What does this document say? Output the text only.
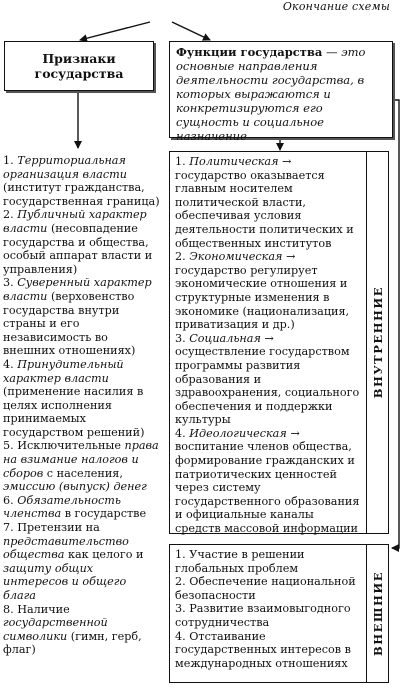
Окончание схемы
Признаки
государства
Функции государства — это основные направления деятельности государства, в которых выражаются и конкретизируются его сущность и социальное назначение
1. Территориальная организация власти (институт гражданства, государственная граница)
2. Публичный характер власти (несовпадение государства и общества, особый аппарат власти и управления)
3. Суверенный характер власти (верховенство государства внутри страны и его независимость во внешних отношениях)
4. Принудительный характер власти (применение насилия в целях исполнения принимаемых государством решений)
5. Исключительные права на взимание налогов и сборов с населения, эмиссию (выпуск) денег
6. Обязательность членства в государстве
7. Претензии на представительство общества как целого и защиту общих интересов и общего блага
8. Наличие государственной символики (гимн, герб, флаг)
1. Политическая → государство оказывается главным носителем политической власти, обеспечивая условия деятельности политических и общественных институтов
2. Экономическая → государство регулирует экономические отношения и структурные изменения в экономике (национализация, приватизация и др.)
3. Социальная → осуществление государством программы развития образования и здравоохранения, социального обеспечения и поддержки культуры
4. Идеологическая → воспитание членов общества, формирование гражданских и патриотических ценностей через систему государственного образования и официальные каналы средств массовой информации
ВНУТРЕННИЕ
1. Участие в решении глобальных проблем
2. Обеспечение национальной безопасности
3. Развитие взаимовыгодного сотрудничества
4. Отстаивание государственных интересов в международных отношениях
ВНЕШНИЕ
